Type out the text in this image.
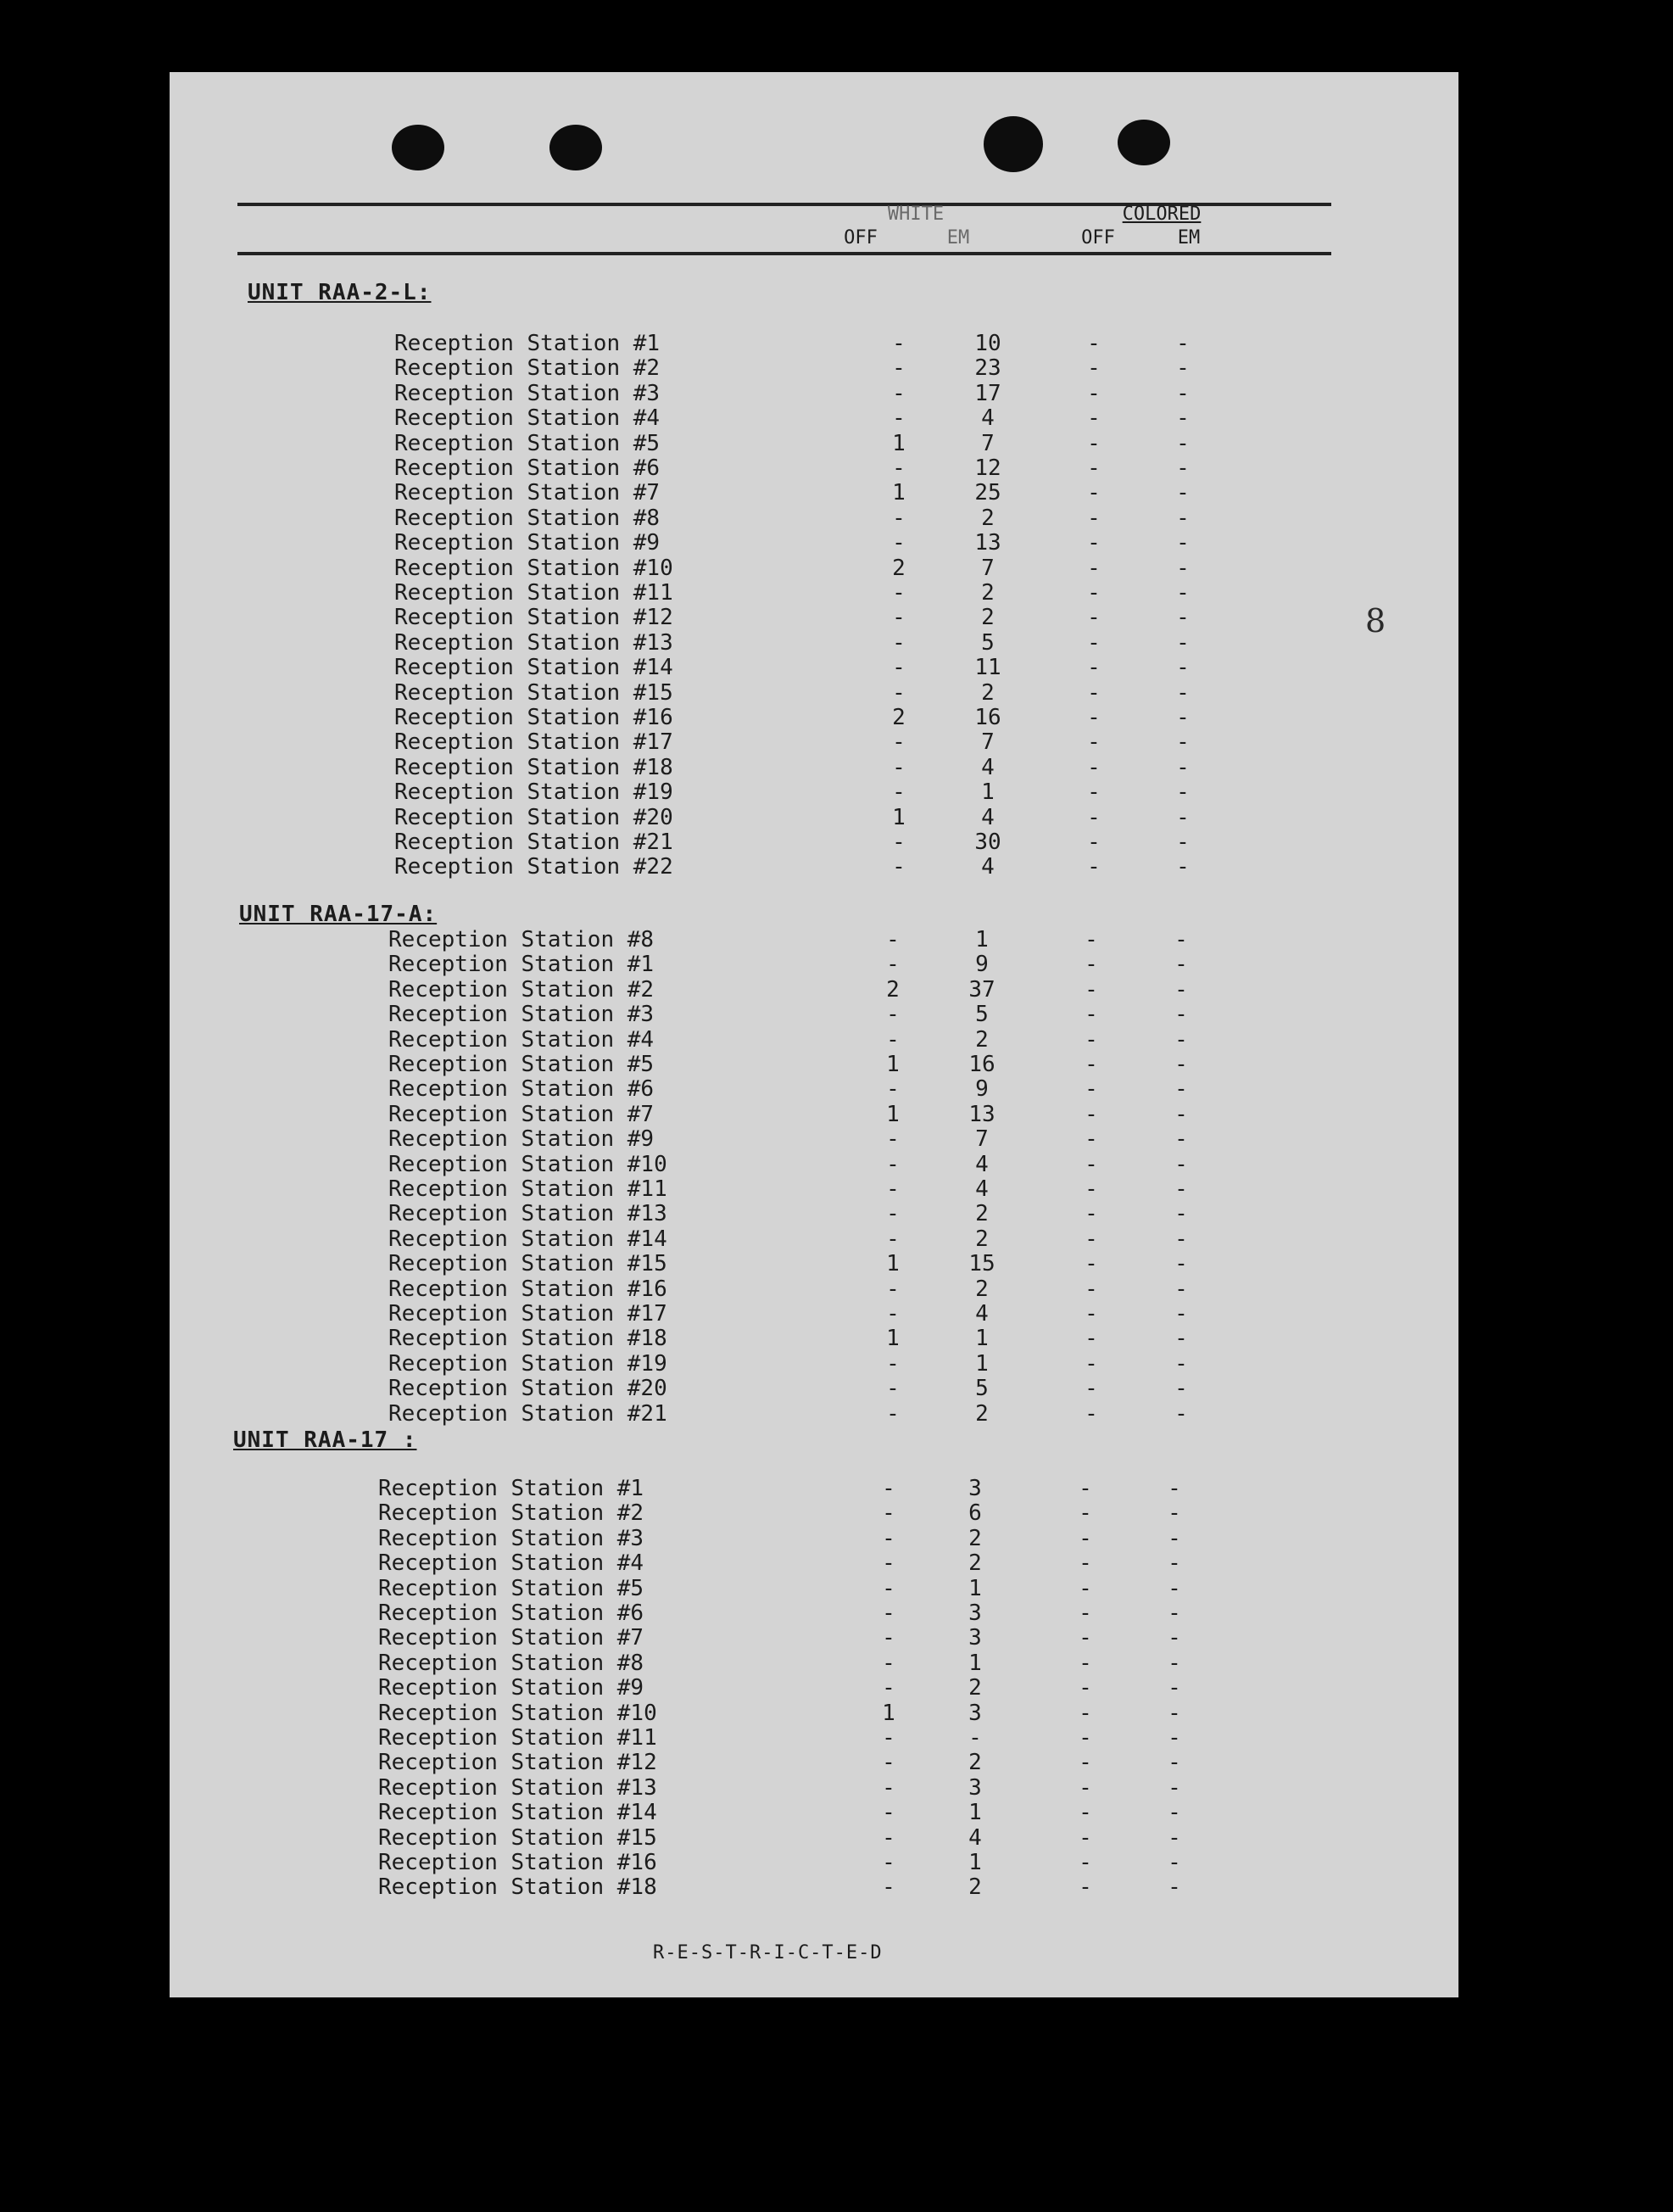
WHITE	COLORED
OFF	EM	OFF	EM
8
UNIT RAA-2-L:
Reception Station #1	-	10	-	-
Reception Station #2	-	23	-	-
Reception Station #3	-	17	-	-
Reception Station #4	-	4	-	-
Reception Station #5	1	7	-	-
Reception Station #6	-	12	-	-
Reception Station #7	1	25	-	-
Reception Station #8	-	2	-	-
Reception Station #9	-	13	-	-
Reception Station #10	2	7	-	-
Reception Station #11	-	2	-	-
Reception Station #12	-	2	-	-
Reception Station #13	-	5	-	-
Reception Station #14	-	11	-	-
Reception Station #15	-	2	-	-
Reception Station #16	2	16	-	-
Reception Station #17	-	7	-	-
Reception Station #18	-	4	-	-
Reception Station #19	-	1	-	-
Reception Station #20	1	4	-	-
Reception Station #21	-	30	-	-
Reception Station #22	-	4	-	-
UNIT RAA-17-A:
Reception Station #8	-	1	-	-
Reception Station #1	-	9	-	-
Reception Station #2	2	37	-	-
Reception Station #3	-	5	-	-
Reception Station #4	-	2	-	-
Reception Station #5	1	16	-	-
Reception Station #6	-	9	-	-
Reception Station #7	1	13	-	-
Reception Station #9	-	7	-	-
Reception Station #10	-	4	-	-
Reception Station #11	-	4	-	-
Reception Station #13	-	2	-	-
Reception Station #14	-	2	-	-
Reception Station #15	1	15	-	-
Reception Station #16	-	2	-	-
Reception Station #17	-	4	-	-
Reception Station #18	1	1	-	-
Reception Station #19	-	1	-	-
Reception Station #20	-	5	-	-
Reception Station #21	-	2	-	-
UNIT RAA-17 :
Reception Station #1	-	3	-	-
Reception Station #2	-	6	-	-
Reception Station #3	-	2	-	-
Reception Station #4	-	2	-	-
Reception Station #5	-	1	-	-
Reception Station #6	-	3	-	-
Reception Station #7	-	3	-	-
Reception Station #8	-	1	-	-
Reception Station #9	-	2	-	-
Reception Station #10	1	3	-	-
Reception Station #11	-	-	-	-
Reception Station #12	-	2	-	-
Reception Station #13	-	3	-	-
Reception Station #14	-	1	-	-
Reception Station #15	-	4	-	-
Reception Station #16	-	1	-	-
Reception Station #18	-	2	-	-
R-E-S-T-R-I-C-T-E-D
